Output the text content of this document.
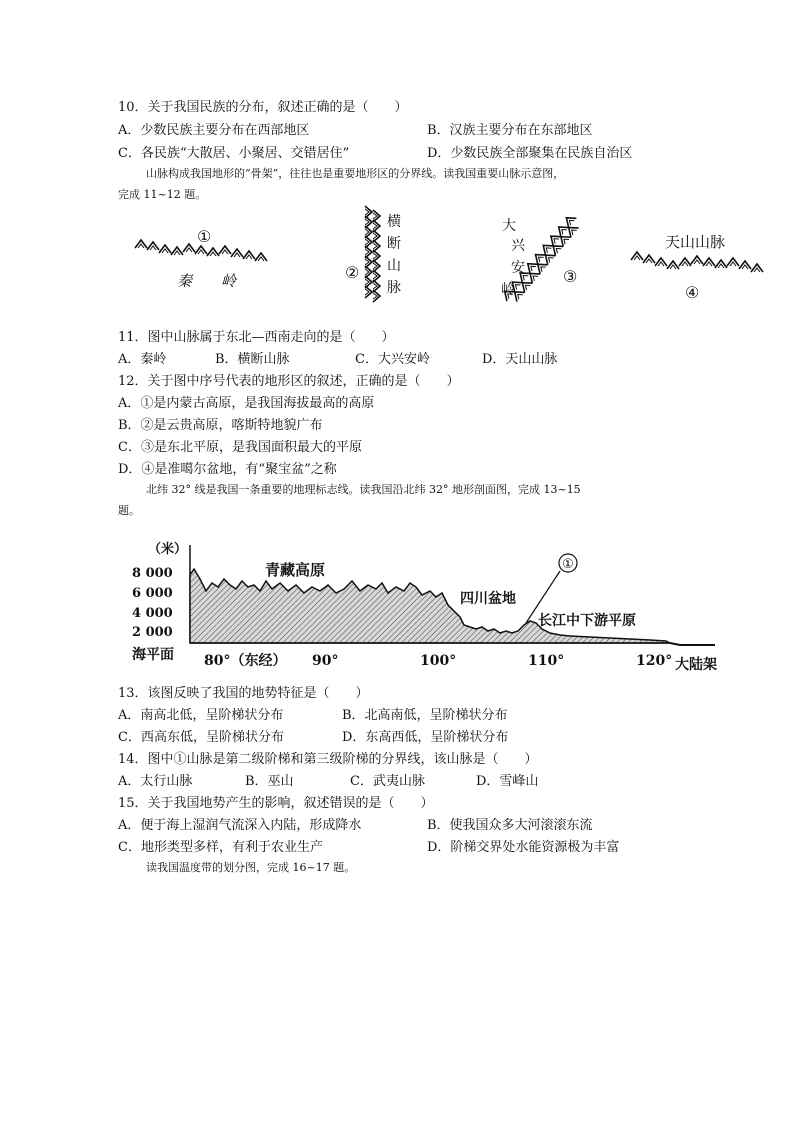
10．关于我国民族的分布，叙述正确的是（　　）
A．少数民族主要分布在西部地区	B．汉族主要分布在东部地区
C．各民族“大散居、小聚居、交错居住”	D．少数民族全部聚集在民族自治区
山脉构成我国地形的“骨架”，往往也是重要地形区的分界线。读我国重要山脉示意图，
完成 11~12 题。
①
秦 岭	②
横
断
山
脉
大
兴
安
岭
③
天山山脉
④
11．图中山脉属于东北—西南走向的是（　　）
A．秦岭	B．横断山脉	C．大兴安岭	D．天山山脉
12．关于图中序号代表的地形区的叙述，正确的是（　　）
A．①是内蒙古高原，是我国海拔最高的高原
B．②是云贵高原，喀斯特地貌广布
C．③是东北平原，是我国面积最大的平原
D．④是准噶尔盆地，有“聚宝盆”之称
北纬 32° 线是我国一条重要的地理标志线。读我国沿北纬 32° 地形剖面图，完成 13~15
题。
（米）
8 000
6 000
4 000
2 000
青藏高原
四川盆地
长江中下游平原
①
海平面 80°（东经） 90°	100°	110°	120° 大陆架
13．该图反映了我国的地势特征是（　　）
A．南高北低，呈阶梯状分布	B．北高南低，呈阶梯状分布
C．西高东低，呈阶梯状分布	D．东高西低，呈阶梯状分布
14．图中①山脉是第二级阶梯和第三级阶梯的分界线，该山脉是（　　）
A．太行山脉	B．巫山	C．武夷山脉	D．雪峰山
15．关于我国地势产生的影响，叙述错误的是（　　）
A．便于海上湿润气流深入内陆，形成降水	B．使我国众多大河滚滚东流
C．地形类型多样，有利于农业生产	D．阶梯交界处水能资源极为丰富
读我国温度带的划分图，完成 16~17 题。
